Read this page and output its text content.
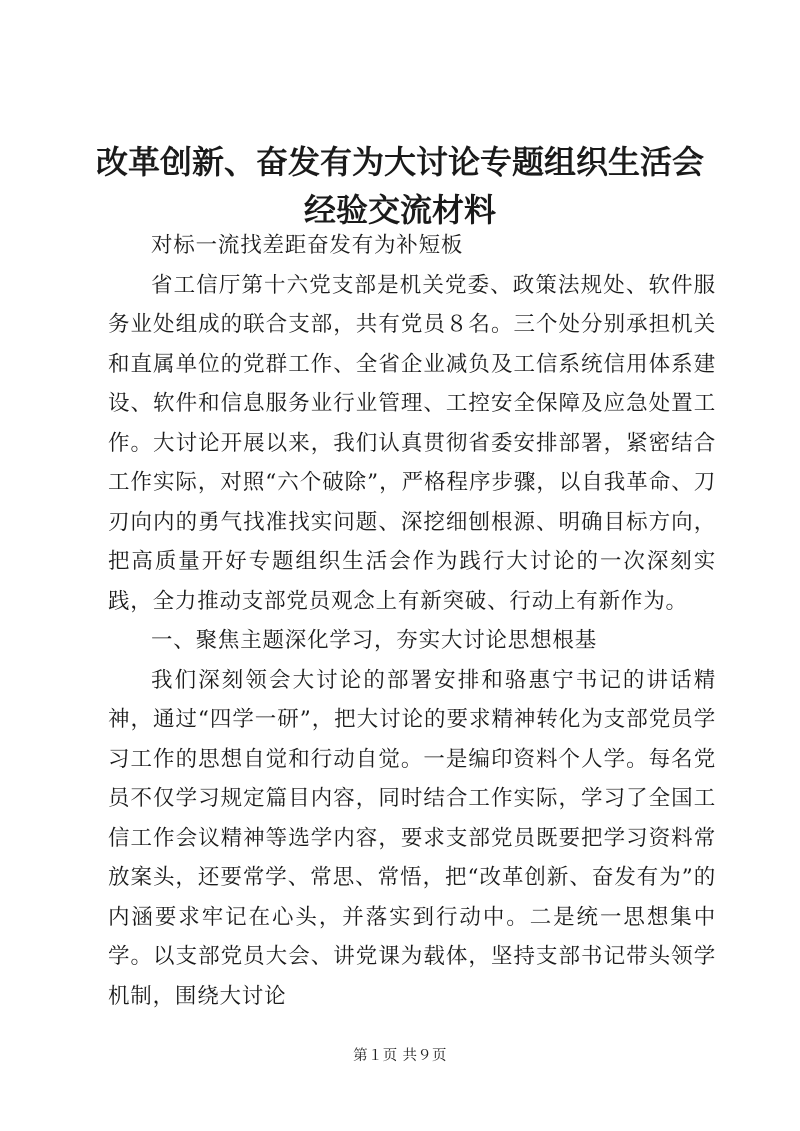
改革创新、奋发有为大讨论专题组织生活会经验交流材料

对标一流找差距奋发有为补短板

省工信厅第十六党支部是机关党委、政策法规处、软件服务业处组成的联合支部，共有党员８名。三个处分别承担机关和直属单位的党群工作、全省企业减负及工信系统信用体系建设、软件和信息服务业行业管理、工控安全保障及应急处置工作。大讨论开展以来，我们认真贯彻省委安排部署，紧密结合工作实际，对照“六个破除”，严格程序步骤，以自我革命、刀刃向内的勇气找准找实问题、深挖细刨根源、明确目标方向，把高质量开好专题组织生活会作为践行大讨论的一次深刻实践，全力推动支部党员观念上有新突破、行动上有新作为。

一、聚焦主题深化学习，夯实大讨论思想根基

我们深刻领会大讨论的部署安排和骆惠宁书记的讲话精神，通过“四学一研”，把大讨论的要求精神转化为支部党员学习工作的思想自觉和行动自觉。一是编印资料个人学。每名党员不仅学习规定篇目内容，同时结合工作实际，学习了全国工信工作会议精神等选学内容，要求支部党员既要把学习资料常放案头，还要常学、常思、常悟，把“改革创新、奋发有为”的内涵要求牢记在心头，并落实到行动中。二是统一思想集中学。以支部党员大会、讲党课为载体，坚持支部书记带头领学机制，围绕大讨论

第１页 共９页
